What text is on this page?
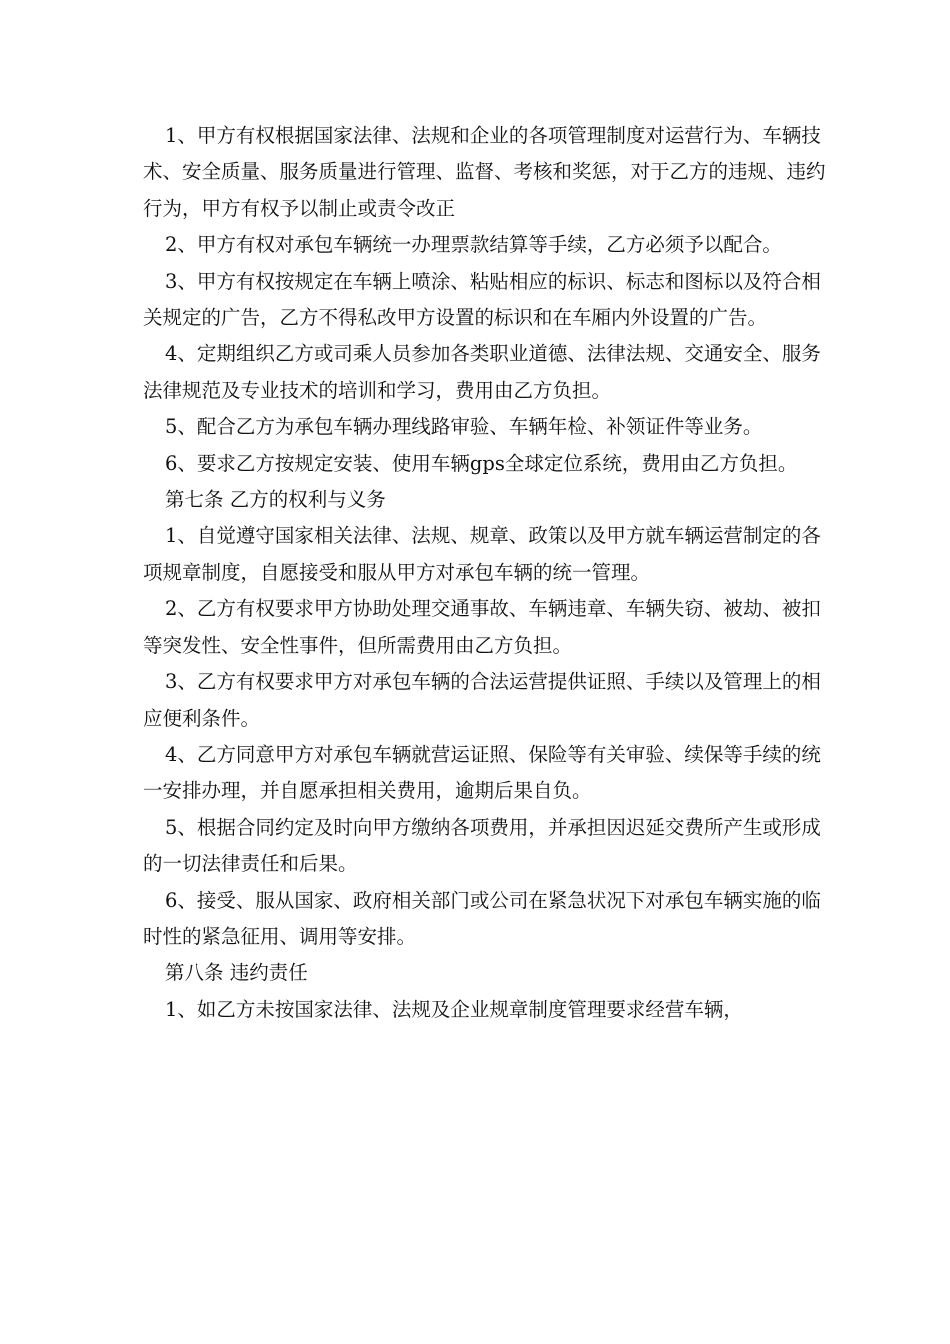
1、甲方有权根据国家法律、法规和企业的各项管理制度对运营行为、车辆技术、安全质量、服务质量进行管理、监督、考核和奖惩，对于乙方的违规、违约行为，甲方有权予以制止或责令改正

2、甲方有权对承包车辆统一办理票款结算等手续，乙方必须予以配合。

3、甲方有权按规定在车辆上喷涂、粘贴相应的标识、标志和图标以及符合相关规定的广告，乙方不得私改甲方设置的标识和在车厢内外设置的广告。

4、定期组织乙方或司乘人员参加各类职业道德、法律法规、交通安全、服务法律规范及专业技术的培训和学习，费用由乙方负担。

5、配合乙方为承包车辆办理线路审验、车辆年检、补领证件等业务。

6、要求乙方按规定安装、使用车辆gps全球定位系统，费用由乙方负担。

第七条 乙方的权利与义务

1、自觉遵守国家相关法律、法规、规章、政策以及甲方就车辆运营制定的各项规章制度，自愿接受和服从甲方对承包车辆的统一管理。

2、乙方有权要求甲方协助处理交通事故、车辆违章、车辆失窃、被劫、被扣等突发性、安全性事件，但所需费用由乙方负担。

3、乙方有权要求甲方对承包车辆的合法运营提供证照、手续以及管理上的相应便利条件。

4、乙方同意甲方对承包车辆就营运证照、保险等有关审验、续保等手续的统一安排办理，并自愿承担相关费用，逾期后果自负。

5、根据合同约定及时向甲方缴纳各项费用，并承担因迟延交费所产生或形成的一切法律责任和后果。

6、接受、服从国家、政府相关部门或公司在紧急状况下对承包车辆实施的临时性的紧急征用、调用等安排。

第八条 违约责任

1、如乙方未按国家法律、法规及企业规章制度管理要求经营车辆，
